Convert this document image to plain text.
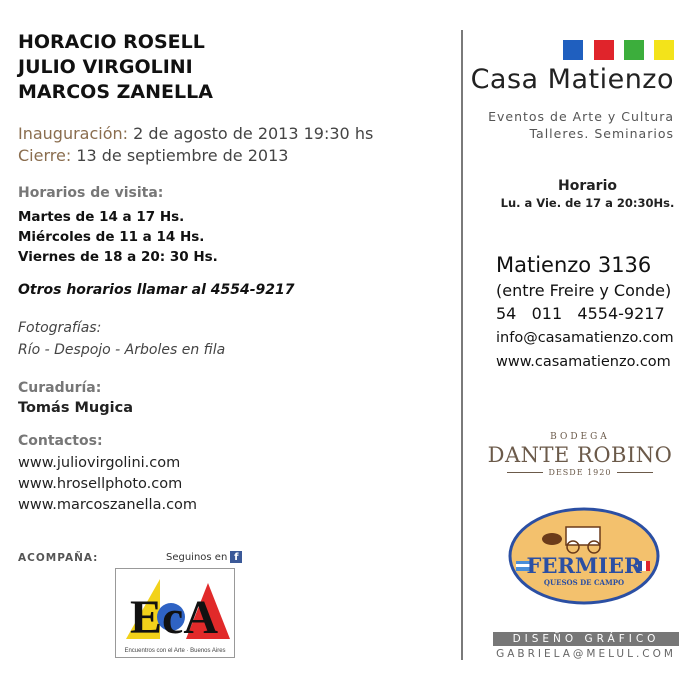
HORACIO ROSELL
JULIO VIRGOLINI
MARCOS ZANELLA
Inauguración: 2 de agosto de 2013 19:30 hs
Cierre: 13 de septiembre de 2013
Horarios de visita:
Martes de 14 a 17 Hs.
Miércoles de 11 a 14 Hs.
Viernes de 18 a 20: 30 Hs.
Otros horarios llamar al 4554-9217
Fotografías:
Río - Despojo - Arboles en fila
Curaduría:
Tomás Mugica
Contactos:
www.juliovirgolini.com
www.hrosellphoto.com
www.marcoszanella.com
ACOMPAÑA:	Seguinos en f
EcA
Encuentros con el Arte · Buenos Aires
Casa Matienzo
Eventos de Arte y Cultura
Talleres. Seminarios
Horario
Lu. a Vie. de 17 a 20:30Hs.
Matienzo 3136
(entre Freire y Conde)
54   011   4554-9217
info@casamatienzo.com
www.casamatienzo.com
BODEGA
DANTE ROBINO
DESDE 1920
FERMIER
QUESOS DE CAMPO
DISEÑO GRÁFICO
GABRIELA@MELUL.COM
